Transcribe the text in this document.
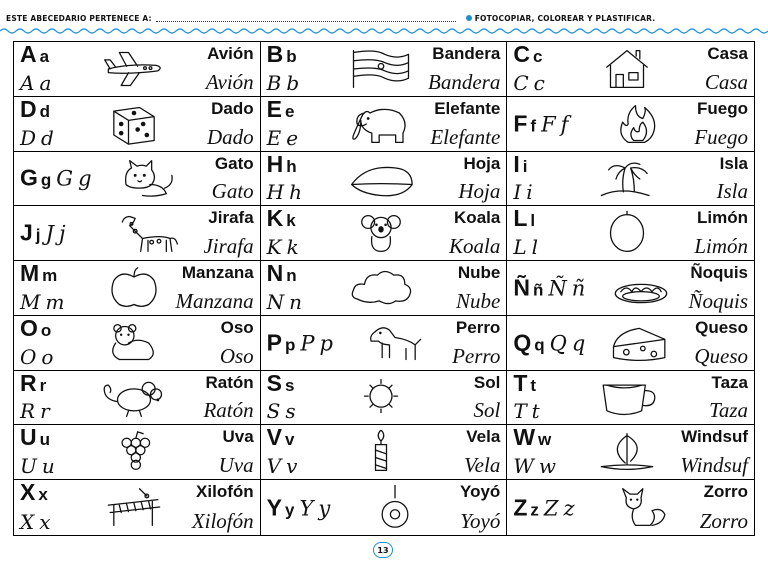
ESTE ABECEDARIO PERTENECE A:	FOTOCOPIAR, COLOREAR Y PLASTIFICAR.
A a
A a
Avión
Avión
B b
B b
Bandera
Bandera
C c
C c
Casa
Casa
D d
D d
Dado
Dado
E e
E e
Elefante
Elefante
F f F f
Fuego
Fuego
G g G g
Gato
Gato
H h
H h
Hoja
Hoja
I i
I i
Isla
Isla
J j J j
Jirafa
Jirafa
K k
K k
Koala
Koala
L l
L l
Limón
Limón
M m
M m
Manzana
Manzana
N n
N n
Nube
Nube
Ñ ñ Ñ ñ
Ñoquis
Ñoquis
O o
O o
Oso
Oso
P p P p
Perro
Perro
Q q Q q
Queso
Queso
R r
R r
Ratón
Ratón
S s
S s
Sol
Sol
T t
T t
Taza
Taza
U u
U u
Uva
Uva
V v
V v
Vela
Vela
W w
W w
Windsuf
Windsuf
X x
X x
Xilofón
Xilofón
Y y Y y
Yoyó
Yoyó
Z z Z z
Zorro
Zorro
13
